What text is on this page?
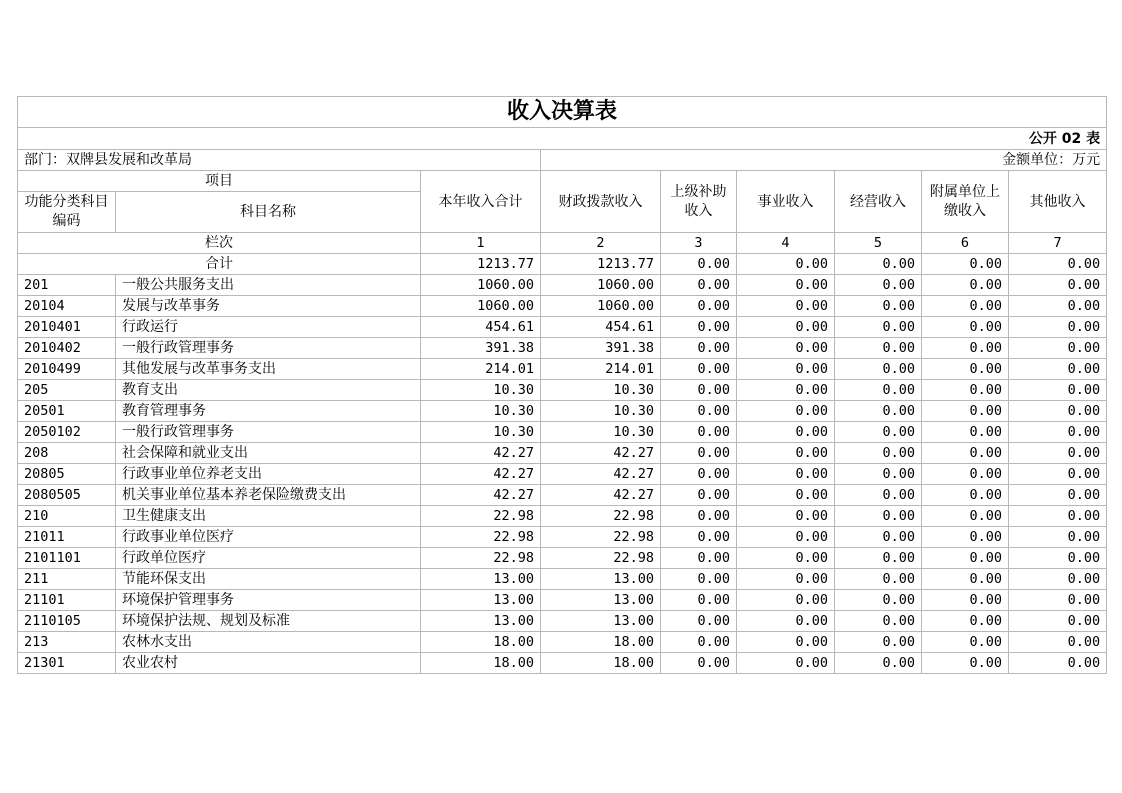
收入决算表								
公开 02 表								
部门：双牌县发展和改革局			金额单位：万元					
项目		本年收入合计	财政拨款收入	上级补助收入	事业收入	经营收入	附属单位上缴收入	其他收入
功能分类科目编码	科目名称							
栏次		1	2	3	4	5	6	7
合计		1213.77	1213.77	0.00	0.00	0.00	0.00	0.00
201	一般公共服务支出	1060.00	1060.00	0.00	0.00	0.00	0.00	0.00
20104	发展与改革事务	1060.00	1060.00	0.00	0.00	0.00	0.00	0.00
2010401	行政运行	454.61	454.61	0.00	0.00	0.00	0.00	0.00
2010402	一般行政管理事务	391.38	391.38	0.00	0.00	0.00	0.00	0.00
2010499	其他发展与改革事务支出	214.01	214.01	0.00	0.00	0.00	0.00	0.00
205	教育支出	10.30	10.30	0.00	0.00	0.00	0.00	0.00
20501	教育管理事务	10.30	10.30	0.00	0.00	0.00	0.00	0.00
2050102	一般行政管理事务	10.30	10.30	0.00	0.00	0.00	0.00	0.00
208	社会保障和就业支出	42.27	42.27	0.00	0.00	0.00	0.00	0.00
20805	行政事业单位养老支出	42.27	42.27	0.00	0.00	0.00	0.00	0.00
2080505	机关事业单位基本养老保险缴费支出	42.27	42.27	0.00	0.00	0.00	0.00	0.00
210	卫生健康支出	22.98	22.98	0.00	0.00	0.00	0.00	0.00
21011	行政事业单位医疗	22.98	22.98	0.00	0.00	0.00	0.00	0.00
2101101	行政单位医疗	22.98	22.98	0.00	0.00	0.00	0.00	0.00
211	节能环保支出	13.00	13.00	0.00	0.00	0.00	0.00	0.00
21101	环境保护管理事务	13.00	13.00	0.00	0.00	0.00	0.00	0.00
2110105	环境保护法规、规划及标准	13.00	13.00	0.00	0.00	0.00	0.00	0.00
213	农林水支出	18.00	18.00	0.00	0.00	0.00	0.00	0.00
21301	农业农村	18.00	18.00	0.00	0.00	0.00	0.00	0.00
